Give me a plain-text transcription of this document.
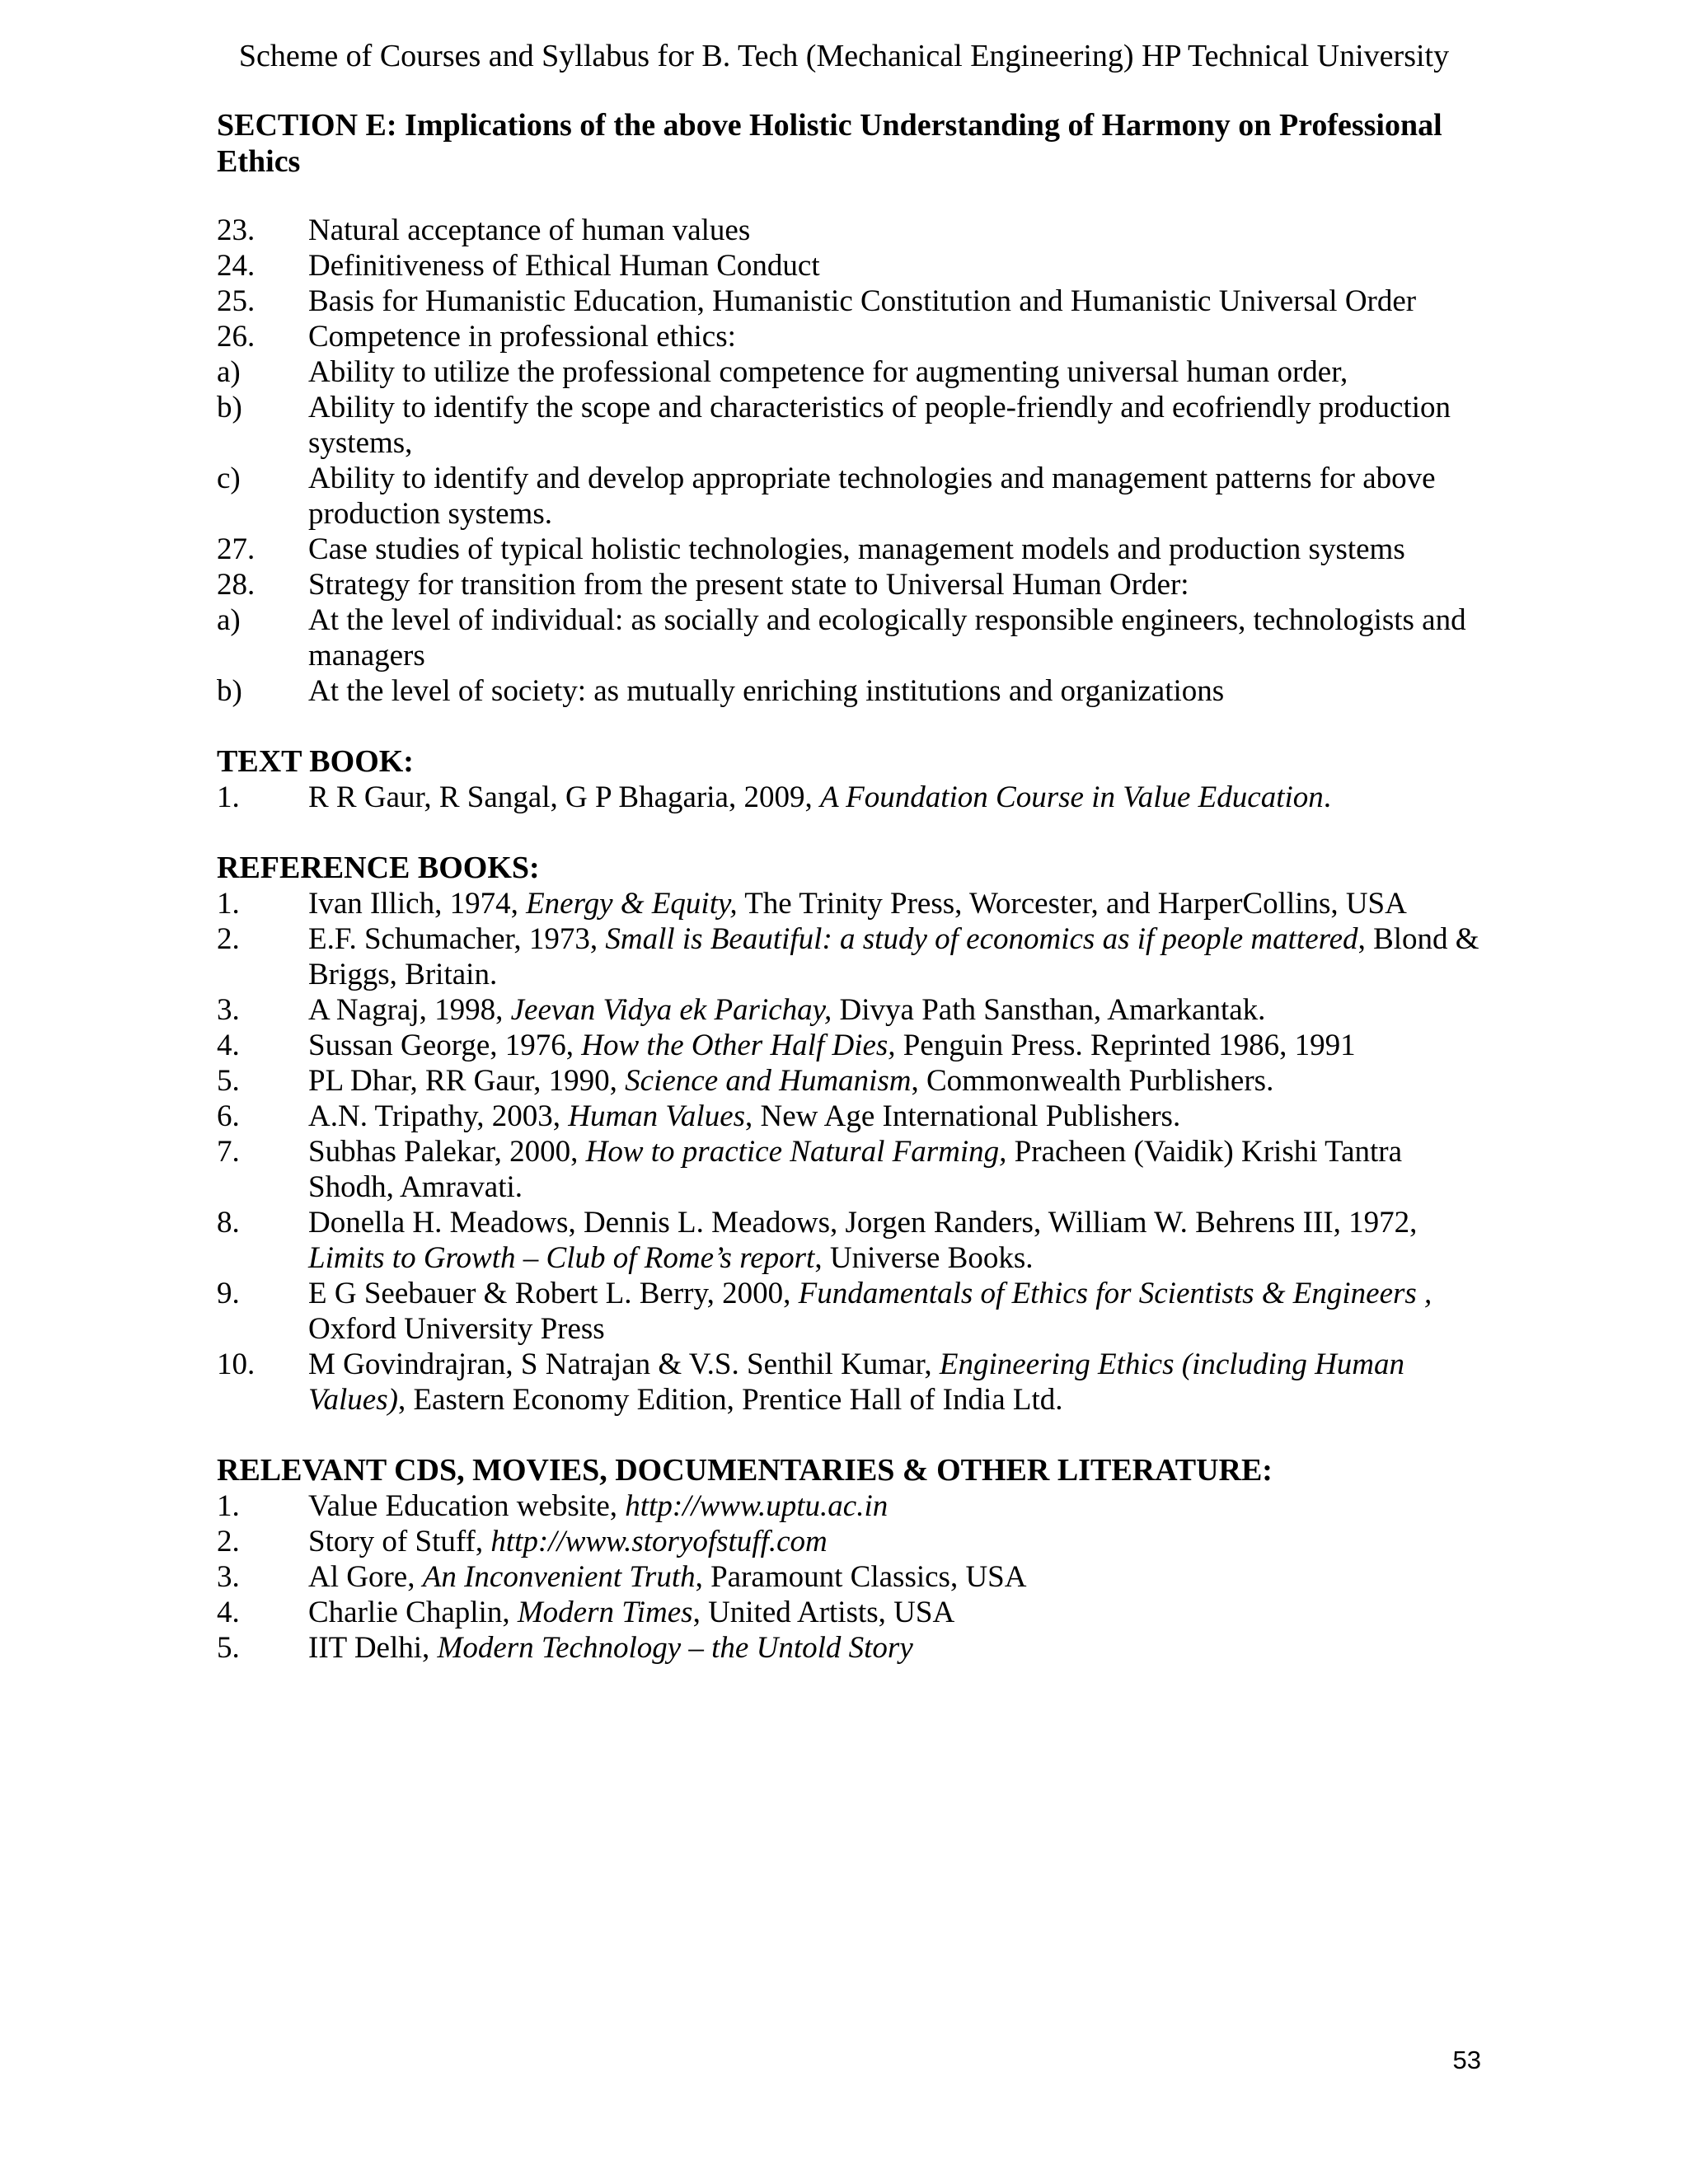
Scheme of Courses and Syllabus for B. Tech (Mechanical Engineering) HP Technical University
SECTION E: Implications of the above Holistic Understanding of Harmony on Professional Ethics
23.	Natural acceptance of human values
24.	Definitiveness of Ethical Human Conduct
25.	Basis for Humanistic Education, Humanistic Constitution and Humanistic Universal Order
26.	Competence in professional ethics:
a)	Ability to utilize the professional competence for augmenting universal human order,
b)	Ability to identify the scope and characteristics of people-friendly and ecofriendly production systems,
c)	Ability to identify and develop appropriate technologies and management patterns for above production systems.
27.	Case studies of typical holistic technologies, management models and production systems
28.	Strategy for transition from the present state to Universal Human Order:
a)	At the level of individual: as socially and ecologically responsible engineers, technologists and managers
b)	At the level of society: as mutually enriching institutions and organizations
TEXT BOOK:
1.	R R Gaur, R Sangal, G P Bhagaria, 2009, A Foundation Course in Value Education.
REFERENCE BOOKS:
1.	Ivan Illich, 1974, Energy & Equity, The Trinity Press, Worcester, and HarperCollins, USA
2.	E.F. Schumacher, 1973, Small is Beautiful: a study of economics as if people mattered, Blond & Briggs, Britain.
3.	A Nagraj, 1998, Jeevan Vidya ek Parichay, Divya Path Sansthan, Amarkantak.
4.	Sussan George, 1976, How the Other Half Dies, Penguin Press. Reprinted 1986, 1991
5.	PL Dhar, RR Gaur, 1990, Science and Humanism, Commonwealth Purblishers.
6.	A.N. Tripathy, 2003, Human Values, New Age International Publishers.
7.	Subhas Palekar, 2000, How to practice Natural Farming, Pracheen (Vaidik) Krishi Tantra Shodh, Amravati.
8.	Donella H. Meadows, Dennis L. Meadows, Jorgen Randers, William W. Behrens III, 1972, Limits to Growth – Club of Rome’s report, Universe Books.
9.	E G Seebauer & Robert L. Berry, 2000, Fundamentals of Ethics for Scientists & Engineers , Oxford University Press
10.	M Govindrajran, S Natrajan & V.S. Senthil Kumar, Engineering Ethics (including Human Values), Eastern Economy Edition, Prentice Hall of India Ltd.
RELEVANT CDS, MOVIES, DOCUMENTARIES & OTHER LITERATURE:
1.	Value Education website, http://www.uptu.ac.in
2.	Story of Stuff, http://www.storyofstuff.com
3.	Al Gore, An Inconvenient Truth, Paramount Classics, USA
4.	Charlie Chaplin, Modern Times, United Artists, USA
5.	IIT Delhi, Modern Technology – the Untold Story
53
